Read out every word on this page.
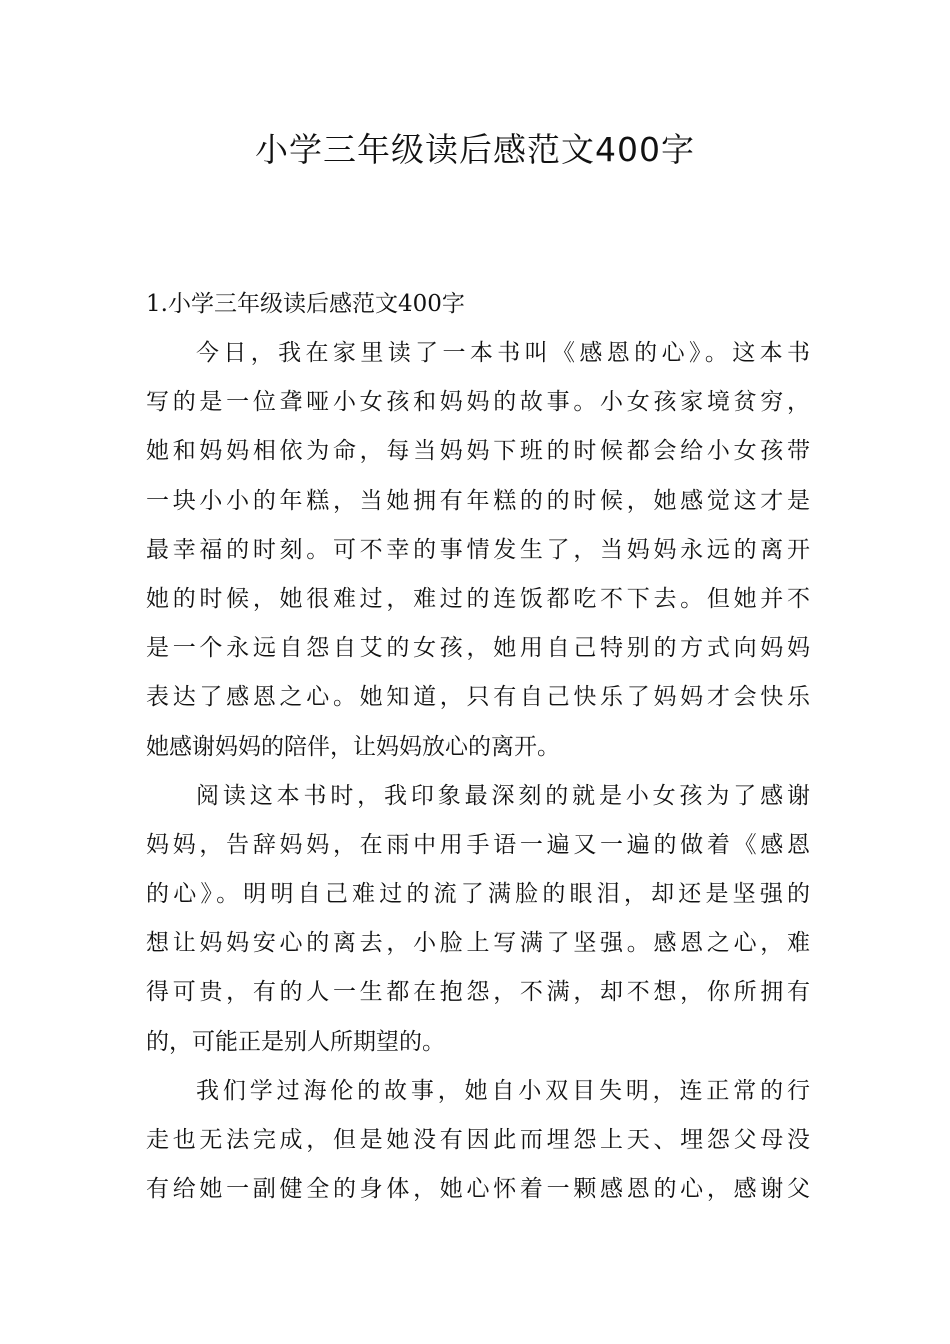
小学三年级读后感范文400字
1.小学三年级读后感范文400字
今日，我在家里读了一本书叫《感恩的心》。这本书
写的是一位聋哑小女孩和妈妈的故事。小女孩家境贫穷，
她和妈妈相依为命，每当妈妈下班的时候都会给小女孩带
一块小小的年糕，当她拥有年糕的的时候，她感觉这才是
最幸福的时刻。可不幸的事情发生了，当妈妈永远的离开
她的时候，她很难过，难过的连饭都吃不下去。但她并不
是一个永远自怨自艾的女孩，她用自己特别的方式向妈妈
表达了感恩之心。她知道，只有自己快乐了妈妈才会快乐
她感谢妈妈的陪伴，让妈妈放心的离开。
阅读这本书时，我印象最深刻的就是小女孩为了感谢
妈妈，告辞妈妈，在雨中用手语一遍又一遍的做着《感恩
的心》。明明自己难过的流了满脸的眼泪，却还是坚强的
想让妈妈安心的离去，小脸上写满了坚强。感恩之心，难
得可贵，有的人一生都在抱怨，不满，却不想，你所拥有
的，可能正是别人所期望的。
我们学过海伦的故事，她自小双目失明，连正常的行
走也无法完成，但是她没有因此而埋怨上天、埋怨父母没
有给她一副健全的身体，她心怀着一颗感恩的心，感谢父
